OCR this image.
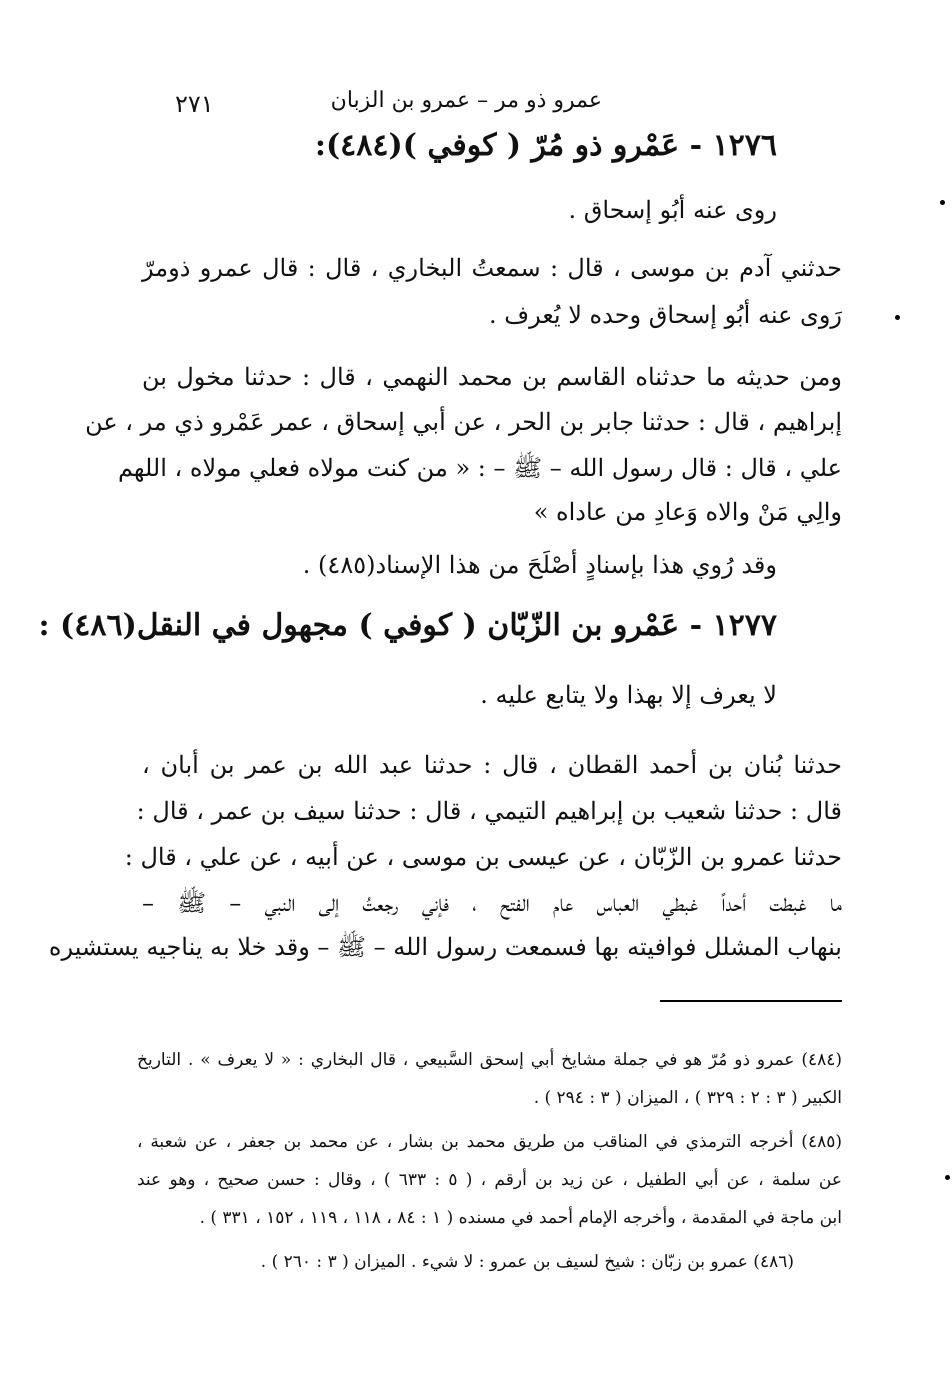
٢٧١	عمرو ذو مر – عمرو بن الزبان
١٢٧٦ - عَمْرو ذو مُرّ ( كوفي )(٤٨٤):
روى عنه أبُو إسحاق .
حدثني آدم بن موسى ، قال : سمعتُ البخاري ، قال : قال عمرو ذومرّ
رَوى عنه أبُو إسحاق وحده لا يُعرف .
ومن حديثه ما حدثناه القاسم بن محمد النهمي ، قال : حدثنا مخول بن
إبراهيم ، قال : حدثنا جابر بن الحر ، عن أبي إسحاق ، عمر عَمْرو ذي مر ، عن
علي ، قال : قال رسول الله – ﷺ – : « من كنت مولاه فعلي مولاه ، اللهم
والِي مَنْ والاه وَعادِ من عاداه »
وقد رُوي هذا بإسنادٍ أصْلَحَ من هذا الإسناد(٤٨٥) .
١٢٧٧ - عَمْرو بن الزّبّان ( كوفي ) مجهول في النقل(٤٨٦) :
لا يعرف إلا بهذا ولا يتابع عليه .
حدثنا بُنان بن أحمد القطان ، قال : حدثنا عبد الله بن عمر بن أبان ،
قال : حدثنا شعيب بن إبراهيم التيمي ، قال : حدثنا سيف بن عمر ، قال :
حدثنا عمرو بن الزّبّان ، عن عيسى بن موسى ، عن أبيه ، عن علي ، قال :
ما غبطت أحداً غبطي العباس عام الفتح ، فإني رجعتُ إلى النبي – ﷺ –
بنهاب المشلل فوافيته بها فسمعت رسول الله – ﷺ – وقد خلا به يناجيه يستشيره
(٤٨٤) عمرو ذو مُرّ هو في جملة مشايخ أبي إسحق السَّبيعي ، قال البخاري : « لا يعرف » . التاريخ
الكبير ( ٣ : ٢ : ٣٢٩ ) ، الميزان ( ٣ : ٢٩٤ ) .
(٤٨٥) أخرجه الترمذي في المناقب من طريق محمد بن بشار ، عن محمد بن جعفر ، عن شعبة ،
عن سلمة ، عن أبي الطفيل ، عن زيد بن أرقم ، ( ٥ : ٦٣٣ ) ، وقال : حسن صحيح ، وهو عند
ابن ماجة في المقدمة ، وأخرجه الإمام أحمد في مسنده ( ١ : ٨٤ ، ١١٨ ، ١١٩ ، ١٥٢ ، ٣٣١ ) .
(٤٨٦) عمرو بن زبّان : شيخ لسيف بن عمرو : لا شيء . الميزان ( ٣ : ٢٦٠ ) .
